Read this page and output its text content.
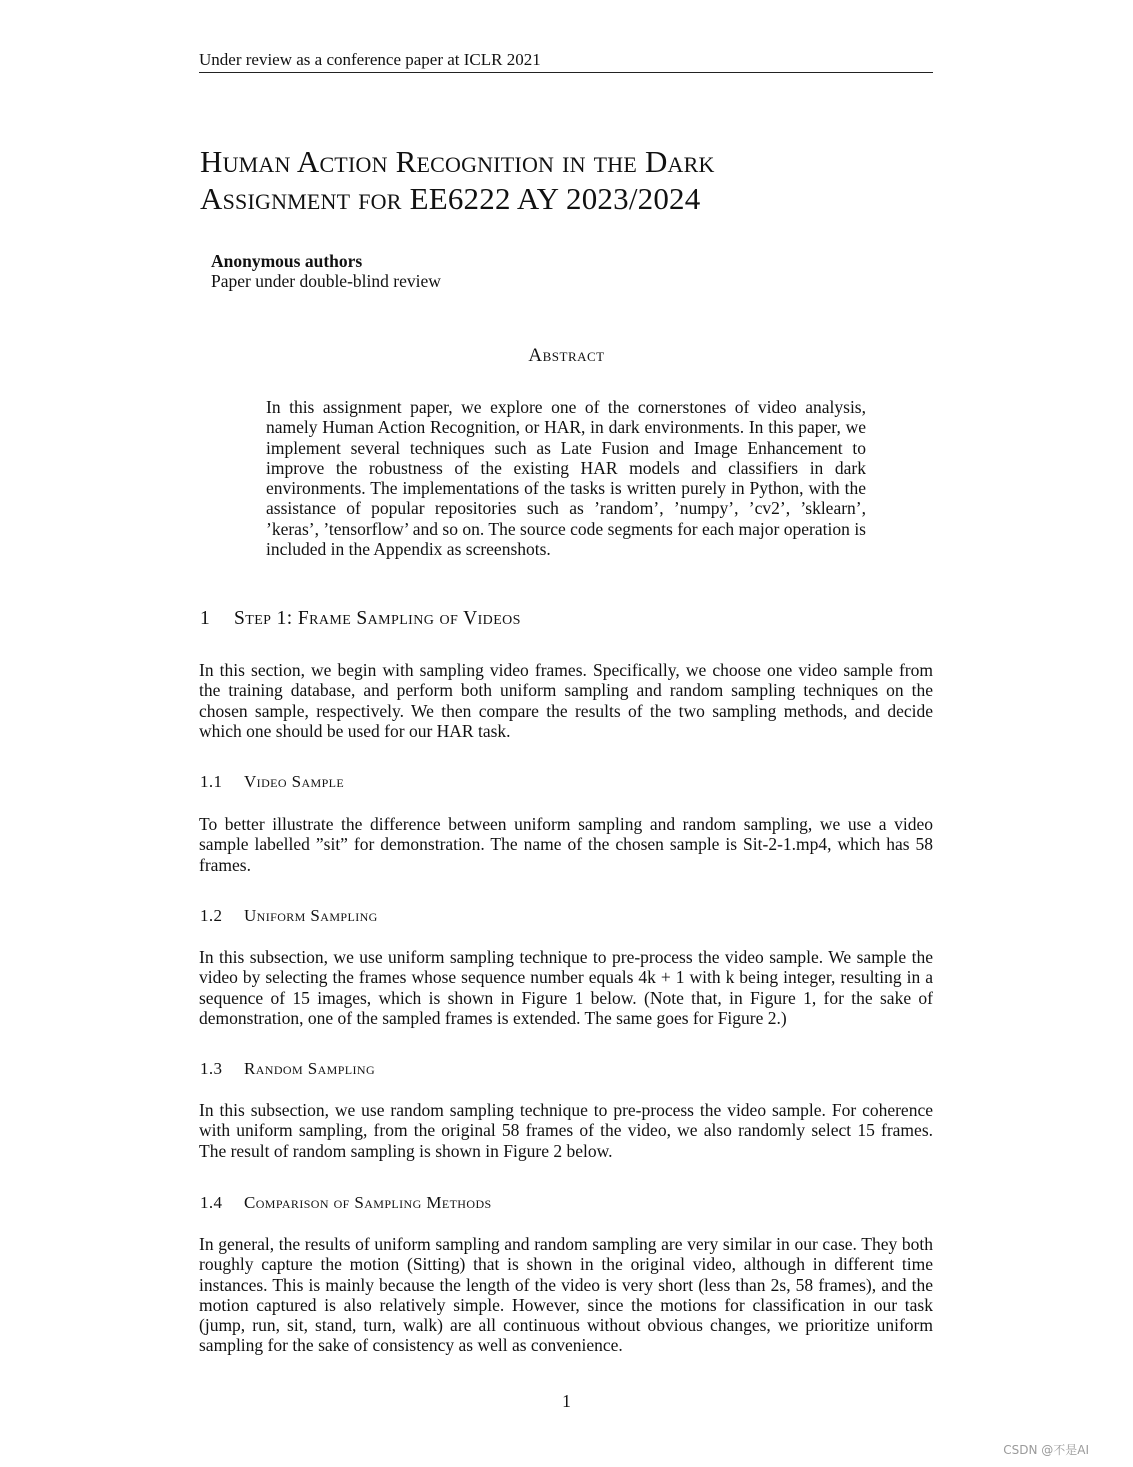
Under review as a conference paper at ICLR 2021
Human Action Recognition in the Dark
Assignment for EE6222 AY 2023/2024
Anonymous authors
Paper under double-blind review
Abstract

In this assignment paper, we explore one of the cornerstones of video analysis, namely Human Action Recognition, or HAR, in dark environments. In this paper, we implement several techniques such as Late Fusion and Image Enhancement to improve the robustness of the existing HAR models and classifiers in dark environments. The implementations of the tasks is written purely in Python, with the assistance of popular repositories such as ’random’, ’numpy’, ’cv2’, ’sklearn’, ’keras’, ’tensorflow’ and so on. The source code segments for each major operation is included in the Appendix as screenshots.

1 Step 1: Frame Sampling of Videos

In this section, we begin with sampling video frames. Specifically, we choose one video sample from the training database, and perform both uniform sampling and random sampling techniques on the chosen sample, respectively. We then compare the results of the two sampling methods, and decide which one should be used for our HAR task.

1.1 Video Sample

To better illustrate the difference between uniform sampling and random sampling, we use a video sample labelled ”sit” for demonstration. The name of the chosen sample is Sit-2-1.mp4, which has 58 frames.

1.2 Uniform Sampling

In this subsection, we use uniform sampling technique to pre-process the video sample. We sample the video by selecting the frames whose sequence number equals 4k + 1 with k being integer, resulting in a sequence of 15 images, which is shown in Figure 1 below. (Note that, in Figure 1, for the sake of demonstration, one of the sampled frames is extended. The same goes for Figure 2.)

1.3 Random Sampling

In this subsection, we use random sampling technique to pre-process the video sample. For coherence with uniform sampling, from the original 58 frames of the video, we also randomly select 15 frames. The result of random sampling is shown in Figure 2 below.

1.4 Comparison of Sampling Methods

In general, the results of uniform sampling and random sampling are very similar in our case. They both roughly capture the motion (Sitting) that is shown in the original video, although in different time instances. This is mainly because the length of the video is very short (less than 2s, 58 frames), and the motion captured is also relatively simple. However, since the motions for classification in our task (jump, run, sit, stand, turn, walk) are all continuous without obvious changes, we prioritize uniform sampling for the sake of consistency as well as convenience.

1
CSDN @不是AI
